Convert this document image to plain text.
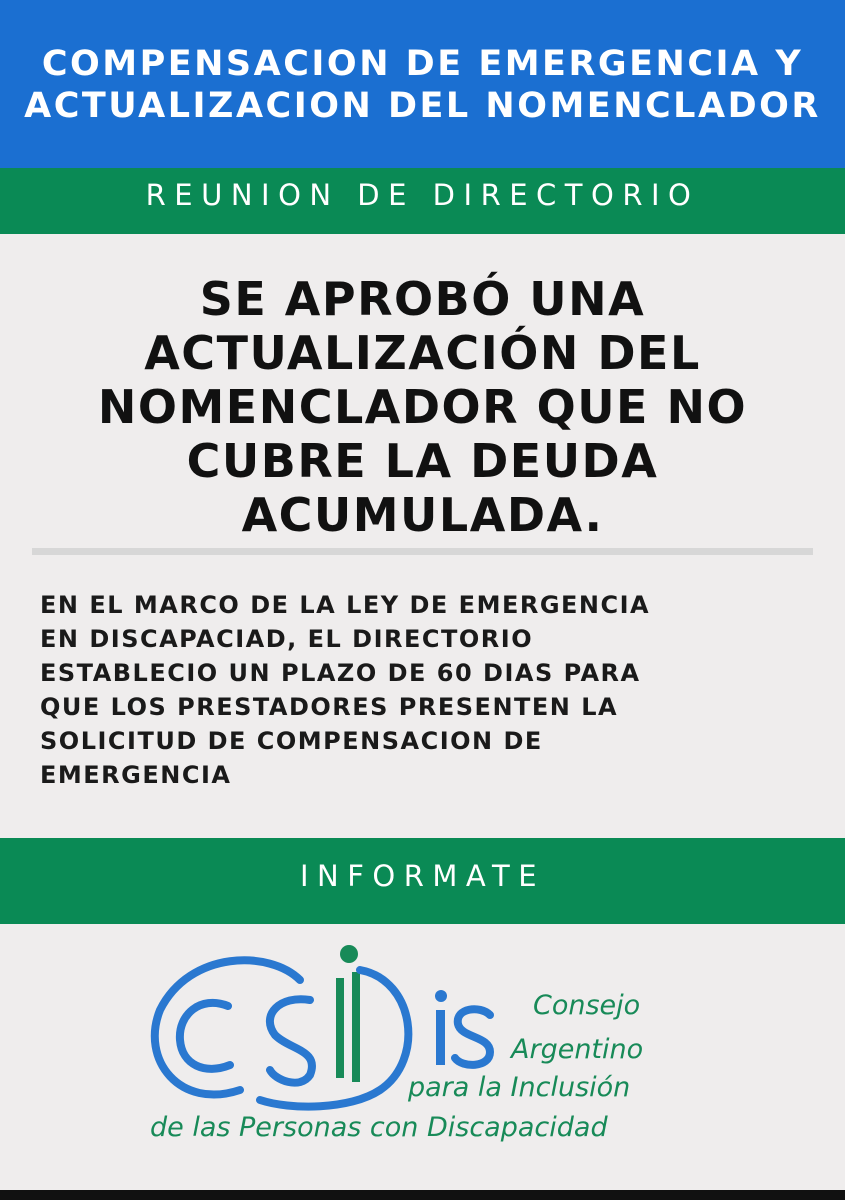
COMPENSACION DE EMERGENCIA Y ACTUALIZACION DEL NOMENCLADOR
REUNION DE DIRECTORIO
SE APROBÓ UNA ACTUALIZACIÓN DEL NOMENCLADOR QUE NO CUBRE LA DEUDA ACUMULADA.
EN EL MARCO DE LA LEY DE EMERGENCIA
EN DISCAPACIAD, EL DIRECTORIO
ESTABLECIO UN PLAZO DE 60 DIAS PARA
QUE LOS PRESTADORES PRESENTEN LA
SOLICITUD DE COMPENSACION DE
EMERGENCIA
INFORMATE
Consejo
Argentino
para la Inclusión
de las Personas con Discapacidad
